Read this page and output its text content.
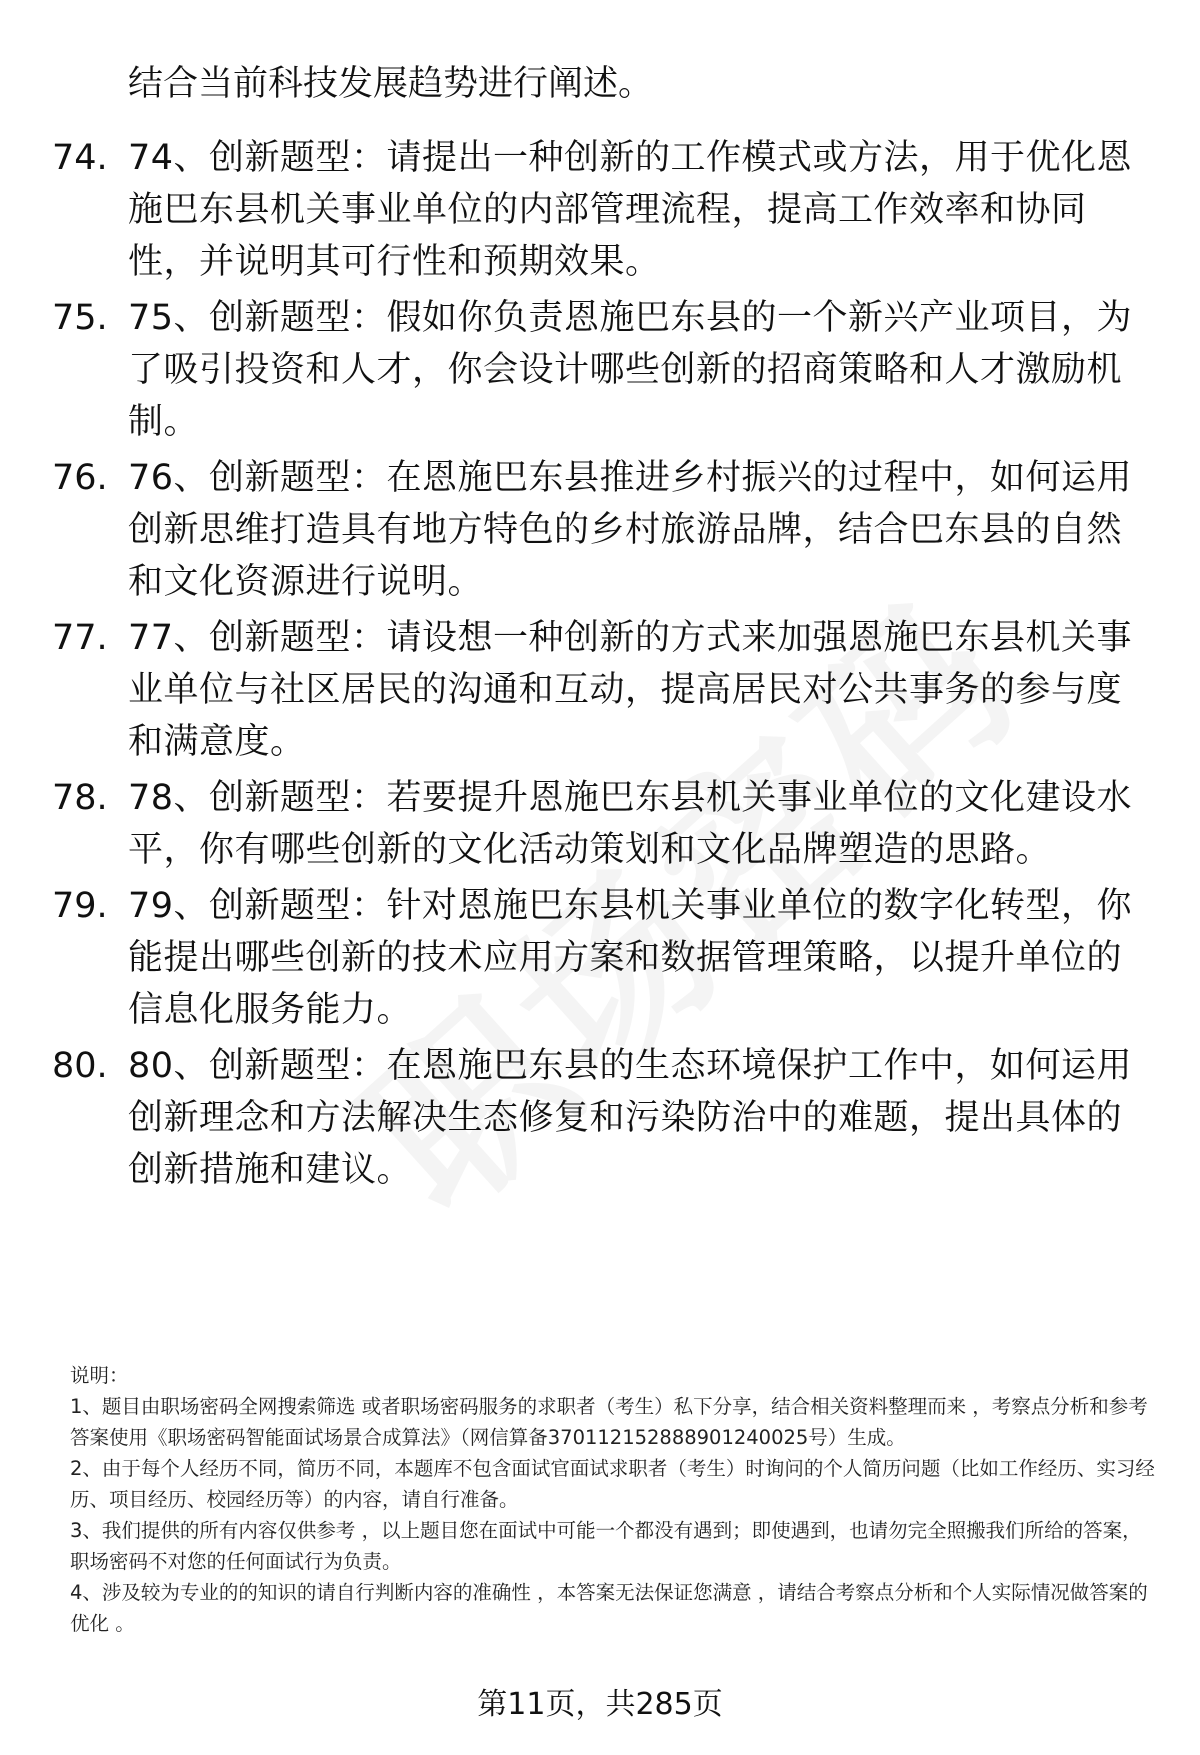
结合当前科技发展趋势进行阐述。
74. 74、创新题型：请提出一种创新的工作模式或方法，用于优化恩施巴东县机关事业单位的内部管理流程，提高工作效率和协同性，并说明其可行性和预期效果。
75. 75、创新题型：假如你负责恩施巴东县的一个新兴产业项目，为了吸引投资和人才，你会设计哪些创新的招商策略和人才激励机制。
76. 76、创新题型：在恩施巴东县推进乡村振兴的过程中，如何运用创新思维打造具有地方特色的乡村旅游品牌，结合巴东县的自然和文化资源进行说明。
77. 77、创新题型：请设想一种创新的方式来加强恩施巴东县机关事业单位与社区居民的沟通和互动，提高居民对公共事务的参与度和满意度。
78. 78、创新题型：若要提升恩施巴东县机关事业单位的文化建设水平，你有哪些创新的文化活动策划和文化品牌塑造的思路。
79. 79、创新题型：针对恩施巴东县机关事业单位的数字化转型，你能提出哪些创新的技术应用方案和数据管理策略，以提升单位的信息化服务能力。
80. 80、创新题型：在恩施巴东县的生态环境保护工作中，如何运用创新理念和方法解决生态修复和污染防治中的难题，提出具体的创新措施和建议。

说明：

1、题目由职场密码全网搜索筛选 或者职场密码服务的求职者（考生）私下分享，结合相关资料整理而来 ，考察点分析和参考答案使用《职场密码智能面试场景合成算法》（网信算备370112152888901240025号）生成。

2、由于每个人经历不同，简历不同，本题库不包含面试官面试求职者（考生）时询问的个人简历问题（比如工作经历、实习经历、项目经历、校园经历等）的内容，请自行准备。

3、我们提供的所有内容仅供参考 ，以上题目您在面试中可能一个都没有遇到；即使遇到，也请勿完全照搬我们所给的答案，职场密码不对您的任何面试行为负责。

4、涉及较为专业的的知识的请自行判断内容的准确性 ，本答案无法保证您满意 ，请结合考察点分析和个人实际情况做答案的优化 。

第11页，共285页
